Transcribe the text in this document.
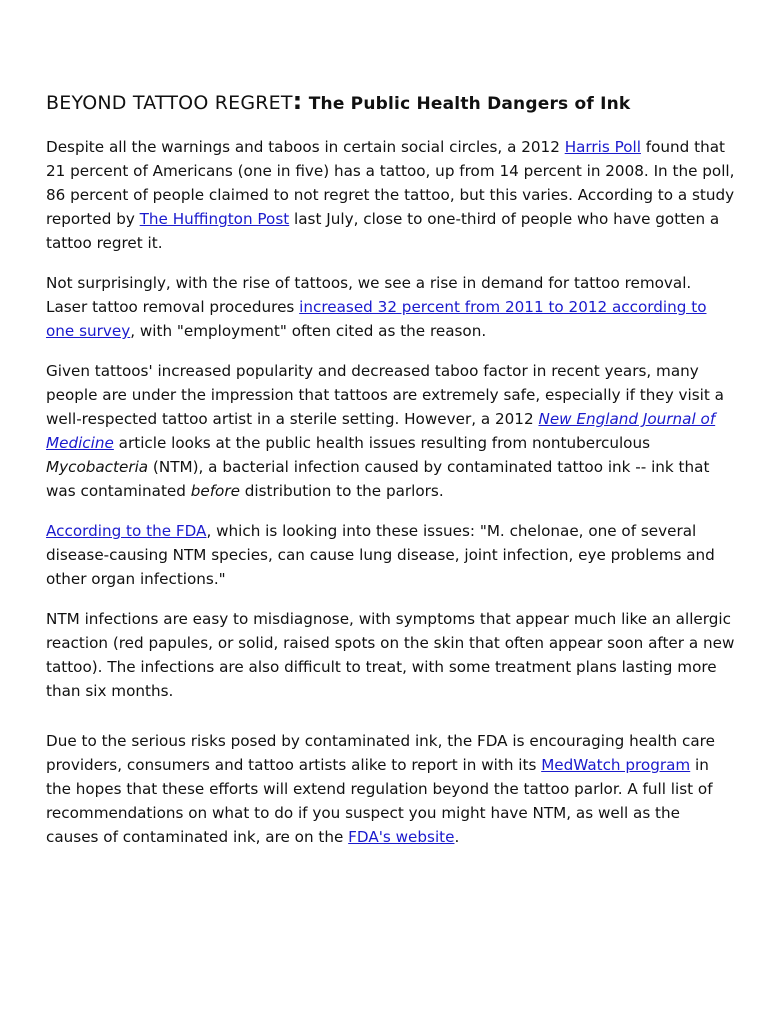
BEYOND TATTOO REGRET: The Public Health Dangers of Ink

Despite all the warnings and taboos in certain social circles, a 2012 Harris Poll found that 21 percent of Americans (one in five) has a tattoo, up from 14 percent in 2008. In the poll, 86 percent of people claimed to not regret the tattoo, but this varies. According to a study reported by The Huffington Post last July, close to one-third of people who have gotten a tattoo regret it.

Not surprisingly, with the rise of tattoos, we see a rise in demand for tattoo removal. Laser tattoo removal procedures increased 32 percent from 2011 to 2012 according to one survey, with "employment" often cited as the reason.

Given tattoos' increased popularity and decreased taboo factor in recent years, many people are under the impression that tattoos are extremely safe, especially if they visit a well-respected tattoo artist in a sterile setting. However, a 2012 New England Journal of Medicine article looks at the public health issues resulting from nontuberculous Mycobacteria (NTM), a bacterial infection caused by contaminated tattoo ink -- ink that was contaminated before distribution to the parlors.

According to the FDA, which is looking into these issues: "M. chelonae, one of several disease-causing NTM species, can cause lung disease, joint infection, eye problems and other organ infections."

NTM infections are easy to misdiagnose, with symptoms that appear much like an allergic reaction (red papules, or solid, raised spots on the skin that often appear soon after a new tattoo). The infections are also difficult to treat, with some treatment plans lasting more than six months.

Due to the serious risks posed by contaminated ink, the FDA is encouraging health care providers, consumers and tattoo artists alike to report in with its MedWatch program in the hopes that these efforts will extend regulation beyond the tattoo parlor. A full list of recommendations on what to do if you suspect you might have NTM, as well as the causes of contaminated ink, are on the FDA's website.
